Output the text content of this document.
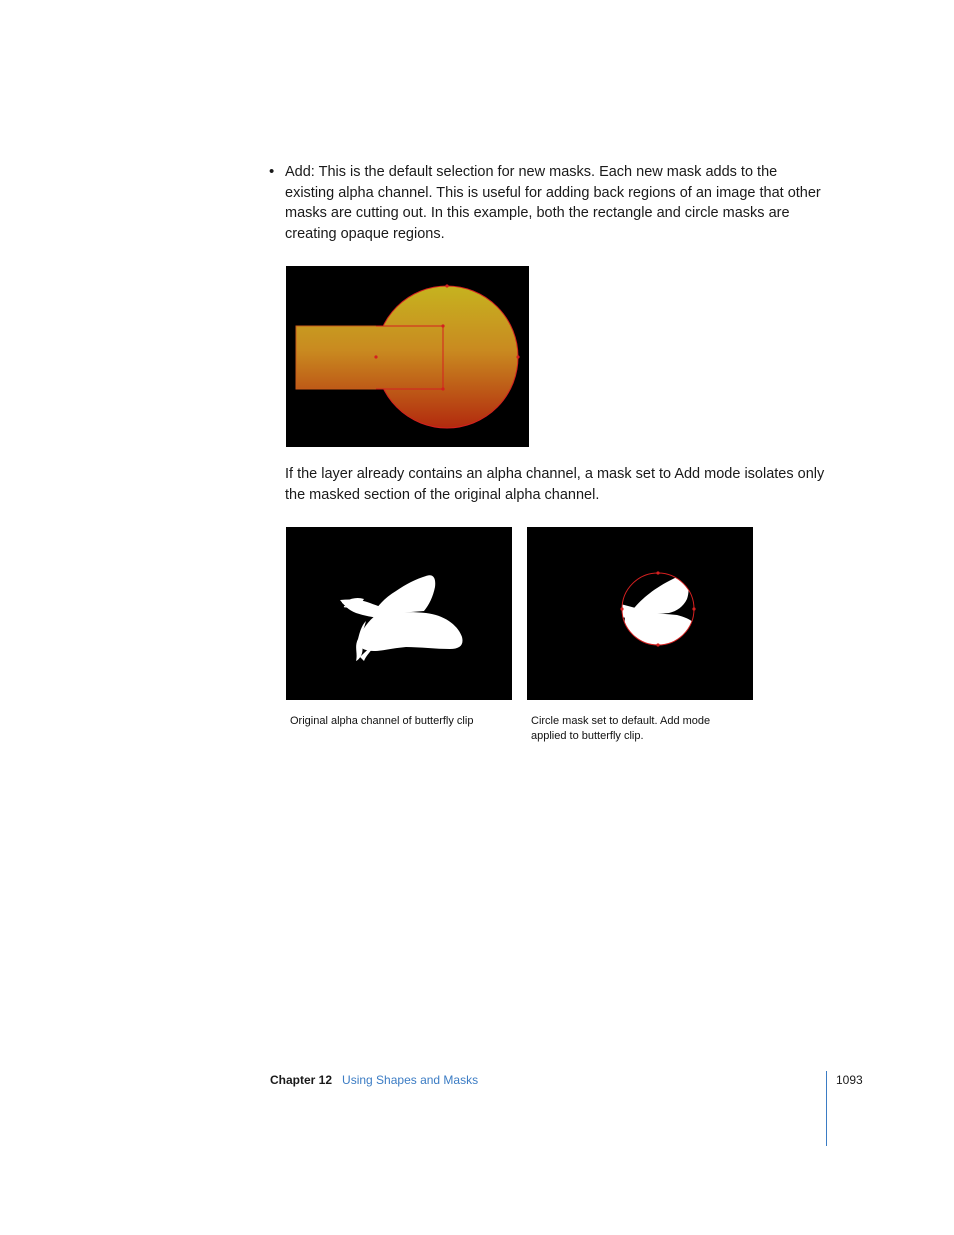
• Add: This is the default selection for new masks. Each new mask adds to the existing alpha channel. This is useful for adding back regions of an image that other masks are cutting out. In this example, both the rectangle and circle masks are creating opaque regions.

If the layer already contains an alpha channel, a mask set to Add mode isolates only the masked section of the original alpha channel.

Original alpha channel of butterfly clip	Circle mask set to default. Add mode applied to butterfly clip.
Chapter 12 Using Shapes and Masks	1093
